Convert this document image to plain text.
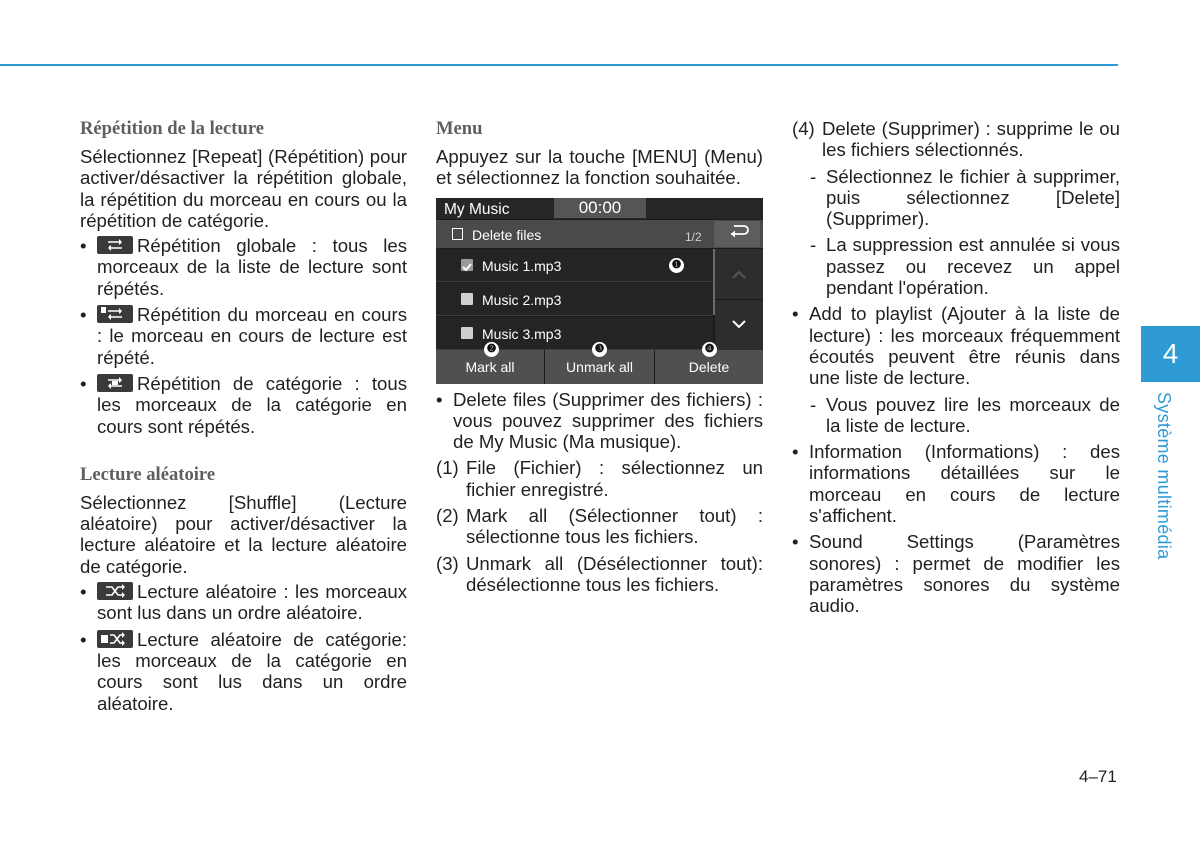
Répétition de la lecture
Sélectionnez [Repeat] (Répétition) pour activer/désactiver la répétition globale, la répétition du morceau en cours ou la répétition de catégorie.
• Répétition globale : tous les morceaux de la liste de lecture sont répétés.
• Répétition du morceau en cours : le morceau en cours de lecture est répété.
• Répétition de catégorie : tous les morceaux de la catégorie en cours sont répétés.
Lecture aléatoire
Sélectionnez [Shuffle] (Lecture aléatoire) pour activer/désactiver la lecture aléatoire et la lecture aléatoire de catégorie.
• Lecture aléatoire : les morceaux sont lus dans un ordre aléatoire.
• Lecture aléatoire de catégorie: les morceaux de la catégorie en cours sont lus dans un ordre aléatoire.
Menu
Appuyez sur la touche [MENU] (Menu) et sélectionnez la fonction souhaitée.
My Music	00:00
Delete files	1/2
Music 1.mp3	❶
Music 2.mp3
Music 3.mp3
Mark all	Unmark all	Delete
❷	❸	❹
• Delete files (Supprimer des fichiers) : vous pouvez supprimer des fichiers de My Music (Ma musique).
(1) File (Fichier) : sélectionnez un fichier enregistré.
(2) Mark all (Sélectionner tout) : sélectionne tous les fichiers.
(3) Unmark all (Désélectionner tout): désélectionne tous les fichiers.
(4) Delete (Supprimer) : supprime le ou les fichiers sélectionnés.
- Sélectionnez le fichier à supprimer, puis sélectionnez [Delete] (Supprimer).
- La suppression est annulée si vous passez ou recevez un appel pendant l'opération.
• Add to playlist (Ajouter à la liste de lecture) : les morceaux fréquemment écoutés peuvent être réunis dans une liste de lecture.
- Vous pouvez lire les morceaux de la liste de lecture.
• Information (Informations) : des informations détaillées sur le morceau en cours de lecture s'affichent.
• Sound Settings (Paramètres sonores) : permet de modifier les paramètres sonores du système audio.
4
Système multimédia
4–71
